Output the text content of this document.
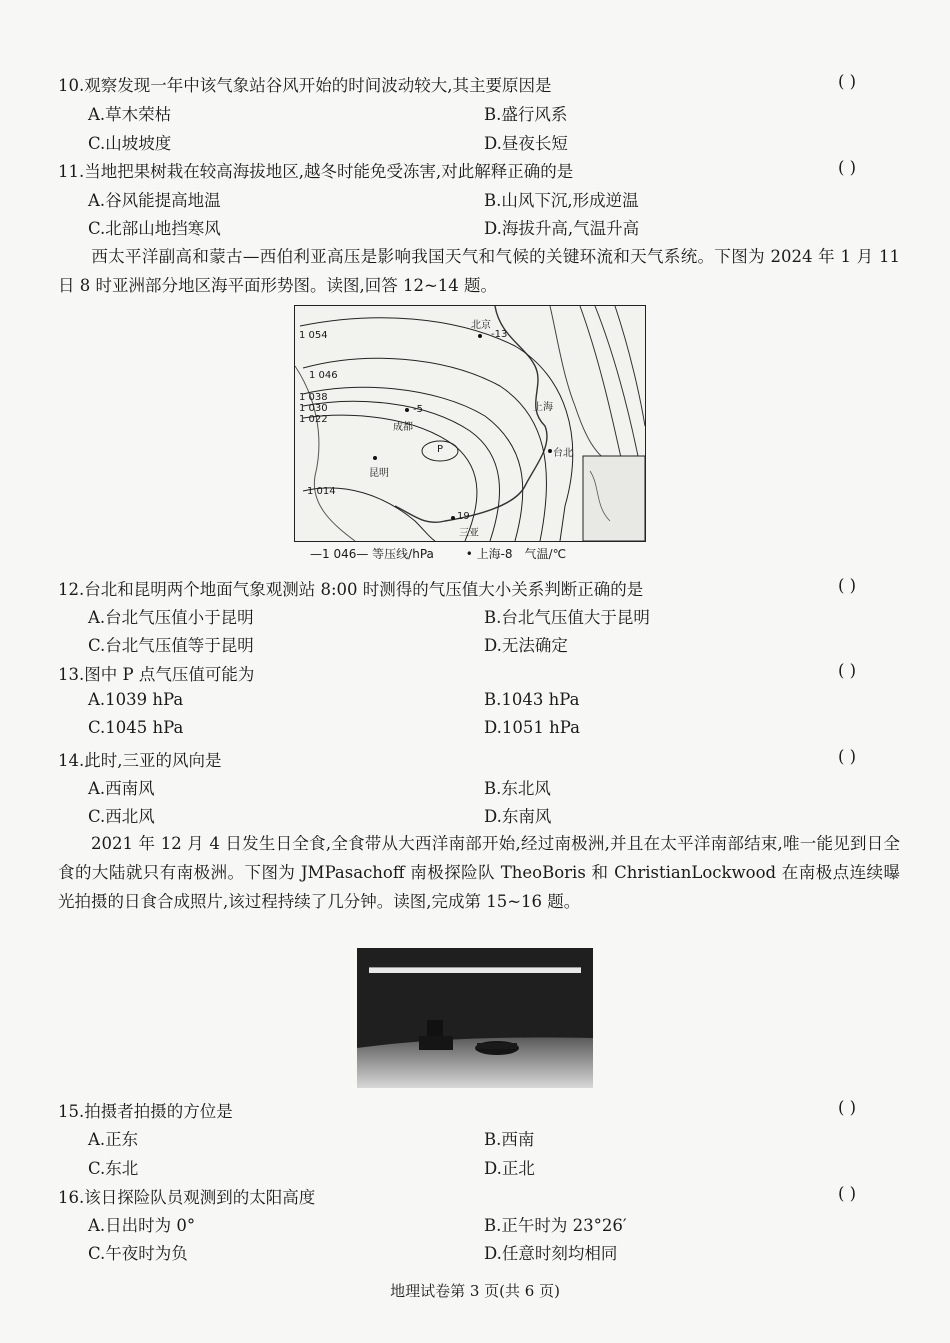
10.观察发现一年中该气象站谷风开始的时间波动较大,其主要原因是	( )
A.草木荣枯	B.盛行风系
C.山坡坡度	D.昼夜长短
11.当地把果树栽在较高海拔地区,越冬时能免受冻害,对此解释正确的是	( )
A.谷风能提高地温	B.山风下沉,形成逆温
C.北部山地挡寒风	D.海拔升高,气温升高
西太平洋副高和蒙古—西伯利亚高压是影响我国天气和气候的关键环流和天气系统。下图为 2024 年 1 月 11 日 8 时亚洲部分地区海平面形势图。读图,回答 12~14 题。
北京
-13
-5
成都
上海
台北
昆明
三亚
19
P
1 054
1 046
1 038
1 030
1 022
1 014
—1 046— 等压线/hPa	• 上海-8　气温/℃
12.台北和昆明两个地面气象观测站 8:00 时测得的气压值大小关系判断正确的是	( )
A.台北气压值小于昆明	B.台北气压值大于昆明
C.台北气压值等于昆明	D.无法确定
13.图中 P 点气压值可能为	( )
A.1039 hPa	B.1043 hPa
C.1045 hPa	D.1051 hPa
14.此时,三亚的风向是	( )
A.西南风	B.东北风
C.西北风	D.东南风
2021 年 12 月 4 日发生日全食,全食带从大西洋南部开始,经过南极洲,并且在太平洋南部结束,唯一能见到日全食的大陆就只有南极洲。下图为 JMPasachoff 南极探险队 TheoBoris 和 ChristianLockwood 在南极点连续曝光拍摄的日食合成照片,该过程持续了几分钟。读图,完成第 15~16 题。
15.拍摄者拍摄的方位是	( )
A.正东	B.西南
C.东北	D.正北
16.该日探险队员观测到的太阳高度	( )
A.日出时为 0°	B.正午时为 23°26′
C.午夜时为负	D.任意时刻均相同
地理试卷第 3 页(共 6 页)
